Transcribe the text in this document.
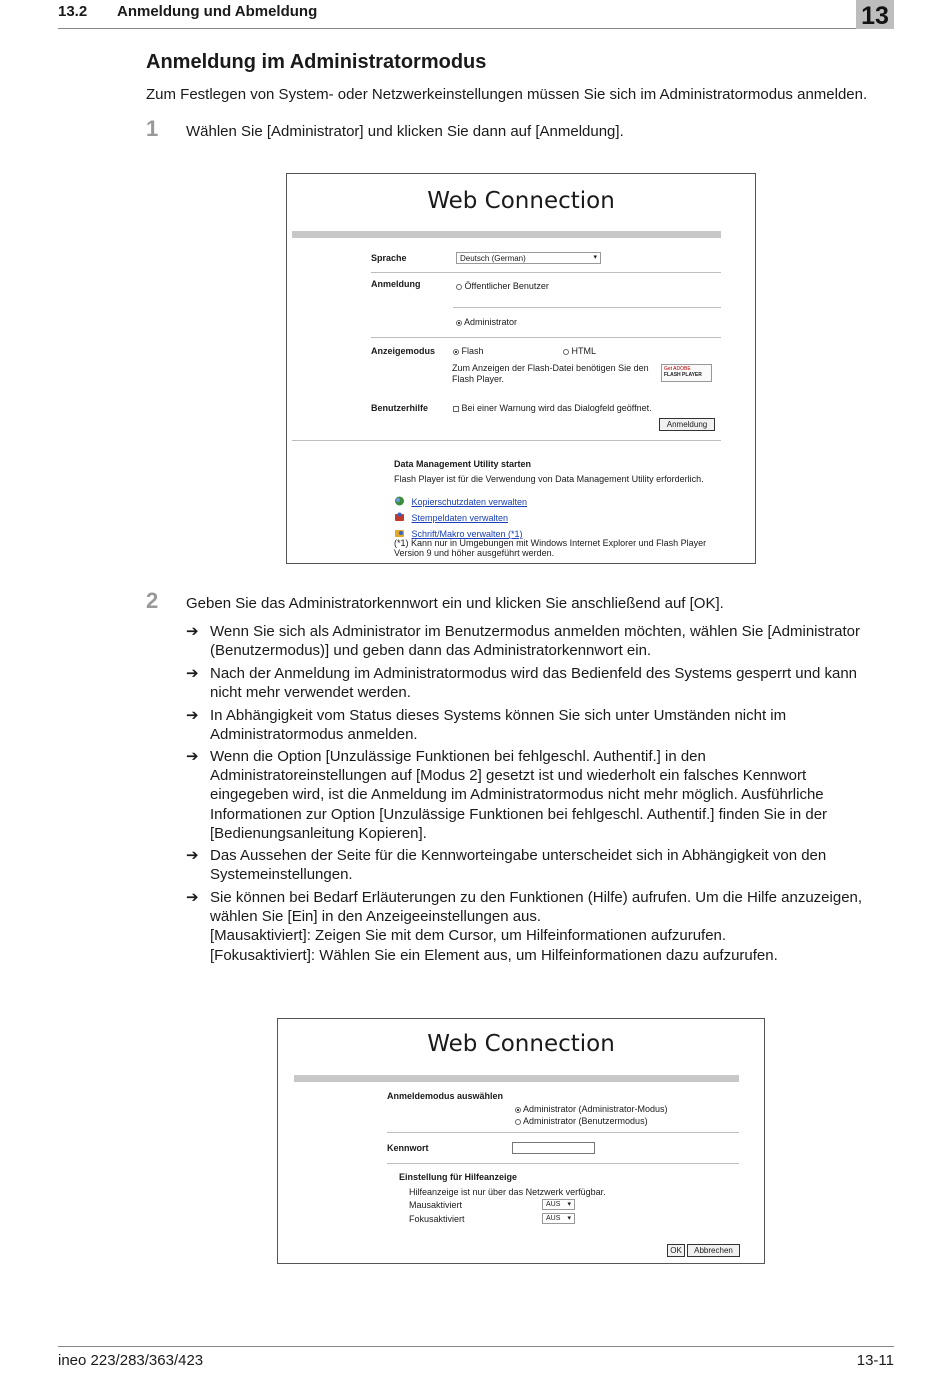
13.2 Anmeldung und Abmeldung	13
Anmeldung im Administratormodus
Zum Festlegen von System- oder Netzwerkeinstellungen müssen Sie sich im Administratormodus anmelden.
1 Wählen Sie [Administrator] und klicken Sie dann auf [Anmeldung].
Web Connection
Sprache	Deutsch (German)	▾
Anmeldung	Öffentlicher Benutzer
Administrator
Anzeigemodus	Flash	HTML
Zum Anzeigen der Flash-Datei benötigen Sie den
Flash Player.
Get ADOBE
FLASH PLAYER
Benutzerhilfe	Bei einer Warnung wird das Dialogfeld geöffnet.
Anmeldung
Data Management Utility starten
Flash Player ist für die Verwendung von Data Management Utility erforderlich.
Kopierschutzdaten verwalten
Stempeldaten verwalten
Schrift/Makro verwalten (*1)
(*1) Kann nur in Umgebungen mit Windows Internet Explorer und Flash Player
Version 9 und höher ausgeführt werden.
2 Geben Sie das Administratorkennwort ein und klicken Sie anschließend auf [OK].
➔ Wenn Sie sich als Administrator im Benutzermodus anmelden möchten, wählen Sie [Administrator
(Benutzermodus)] und geben dann das Administratorkennwort ein.
➔ Nach der Anmeldung im Administratormodus wird das Bedienfeld des Systems gesperrt und kann
nicht mehr verwendet werden.
➔ In Abhängigkeit vom Status dieses Systems können Sie sich unter Umständen nicht im
Administratormodus anmelden.
➔ Wenn die Option [Unzulässige Funktionen bei fehlgeschl. Authentif.] in den
Administratoreinstellungen auf [Modus 2] gesetzt ist und wiederholt ein falsches Kennwort
eingegeben wird, ist die Anmeldung im Administratormodus nicht mehr möglich. Ausführliche
Informationen zur Option [Unzulässige Funktionen bei fehlgeschl. Authentif.] finden Sie in der
[Bedienungsanleitung Kopieren].
➔ Das Aussehen der Seite für die Kennworteingabe unterscheidet sich in Abhängigkeit von den
Systemeinstellungen.
➔ Sie können bei Bedarf Erläuterungen zu den Funktionen (Hilfe) aufrufen. Um die Hilfe anzuzeigen,
wählen Sie [Ein] in den Anzeigeeinstellungen aus.
[Mausaktiviert]: Zeigen Sie mit dem Cursor, um Hilfeinformationen aufzurufen.
[Fokusaktiviert]: Wählen Sie ein Element aus, um Hilfeinformationen dazu aufzurufen.
Web Connection
Anmeldemodus auswählen
Administrator (Administrator-Modus)
Administrator (Benutzermodus)
Kennwort
Einstellung für Hilfeanzeige
Hilfeanzeige ist nur über das Netzwerk verfügbar.
Mausaktiviert	AUS ▾
Fokusaktiviert	AUS ▾
OK	Abbrechen
ineo 223/283/363/423	13-11
